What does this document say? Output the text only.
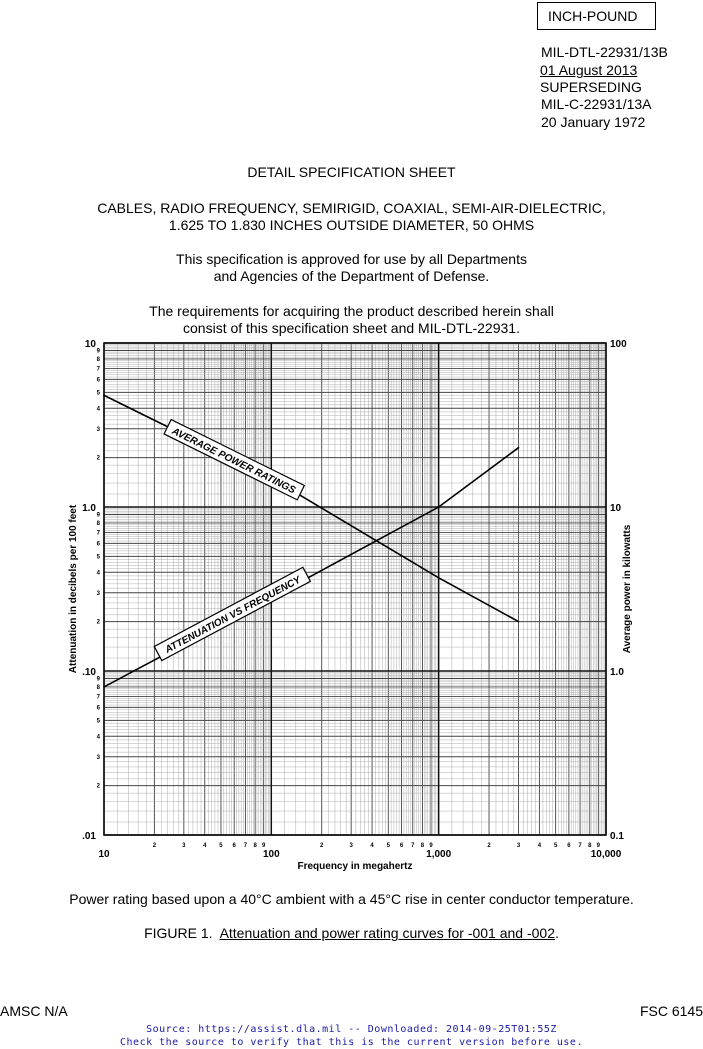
INCH-POUND
MIL-DTL-22931/13B
01 August 2013
SUPERSEDING
MIL-C-22931/13A
20 January 1972
DETAIL SPECIFICATION SHEET
CABLES, RADIO FREQUENCY, SEMIRIGID, COAXIAL, SEMI-AIR-DIELECTRIC,
1.625 TO 1.830 INCHES OUTSIDE DIAMETER, 50 OHMS
This specification is approved for use by all Departments
and Agencies of the Department of Defense.
The requirements for acquiring the product described herein shall
consist of this specification sheet and MIL-DTL-22931.
10	100	1,000	10,000
2	3	4 5 6 7 8 9	2	3	4 5 6 7 8 9	2	3	4 5 6 7 8 9
10
1.0
.10
.01
2
3
4
5
6
7
8
9
2
3
4
5
6
7
8
9
2
3
4
5
6
7
8
9
100
10
1.0
0.1
Frequency in megahertz
Attenuation in decibels per 100 feet	Average power in kilowatts
AVERAGE POWER RATINGS
ATTENUATION VS FREQUENCY
Power rating based upon a 40°C ambient with a 45°C rise in center conductor temperature.
FIGURE 1.  Attenuation and power rating curves for -001 and -002.
AMSC N/A	FSC 6145
Source: https://assist.dla.mil -- Downloaded: 2014-09-25T01:55Z
Check the source to verify that this is the current version before use.
